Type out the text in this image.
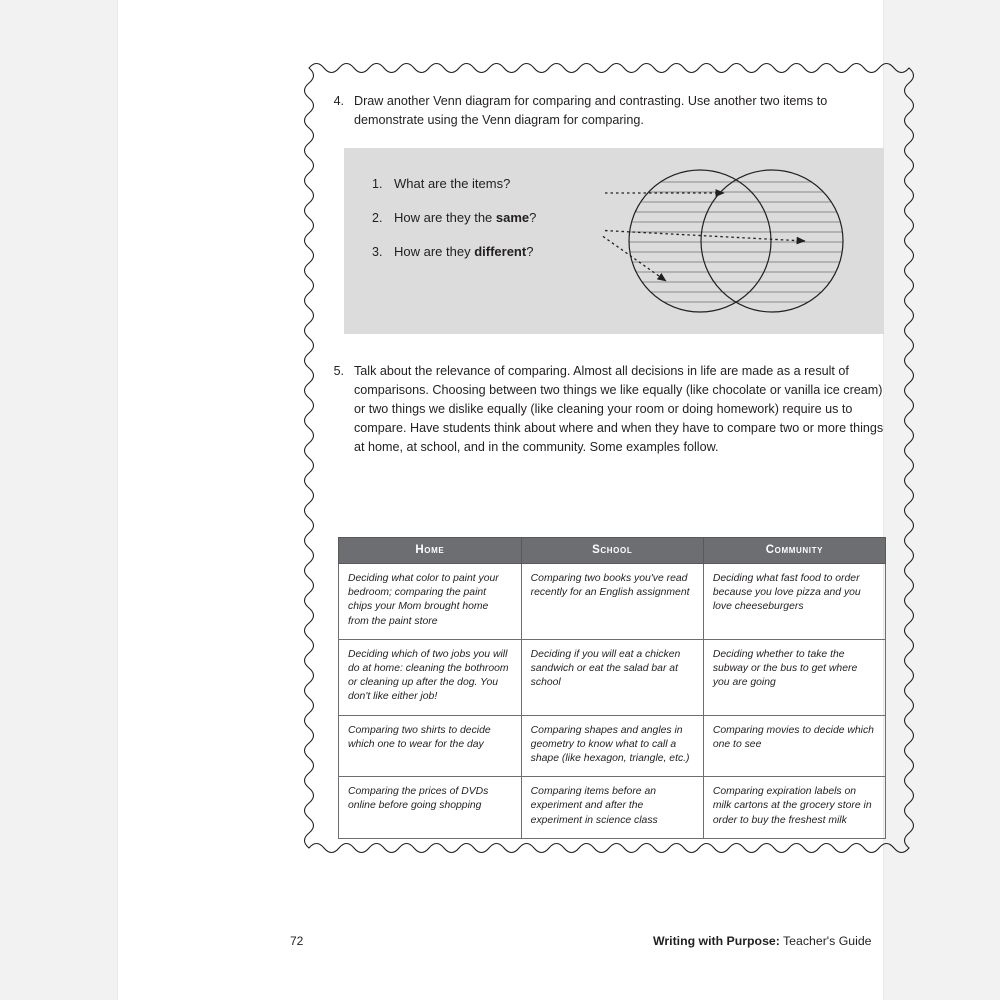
4. Draw another Venn diagram for comparing and contrasting. Use another two items to demonstrate using the Venn diagram for comparing.
1. What are the items?
2. How are they the same?
3. How are they different?
5. Talk about the relevance of comparing. Almost all decisions in life are made as a result of comparisons. Choosing between two things we like equally (like chocolate or vanilla ice cream) or two things we dislike equally (like cleaning your room or doing homework) require us to compare. Have students think about where and when they have to compare two or more things at home, at school, and in the community. Some examples follow.
Home	School	Community
Deciding what color to paint your bedroom; comparing the paint chips your Mom brought home from the paint store	Comparing two books you've read recently for an English assignment	Deciding what fast food to order because you love pizza and you love cheeseburgers
Deciding which of two jobs you will do at home: cleaning the bothroom or cleaning up after the dog. You don't like either job!	Deciding if you will eat a chicken sandwich or eat the salad bar at school	Deciding whether to take the subway or the bus to get where you are going
Comparing two shirts to decide which one to wear for the day	Comparing shapes and angles in geometry to know what to call a shape (like hexagon, triangle, etc.)	Comparing movies to decide which one to see
Comparing the prices of DVDs online before going shopping	Comparing items before an experiment and after the experiment in science class	Comparing expiration labels on milk cartons at the grocery store in order to buy the freshest milk
72	Writing with Purpose: Teacher's Guide
